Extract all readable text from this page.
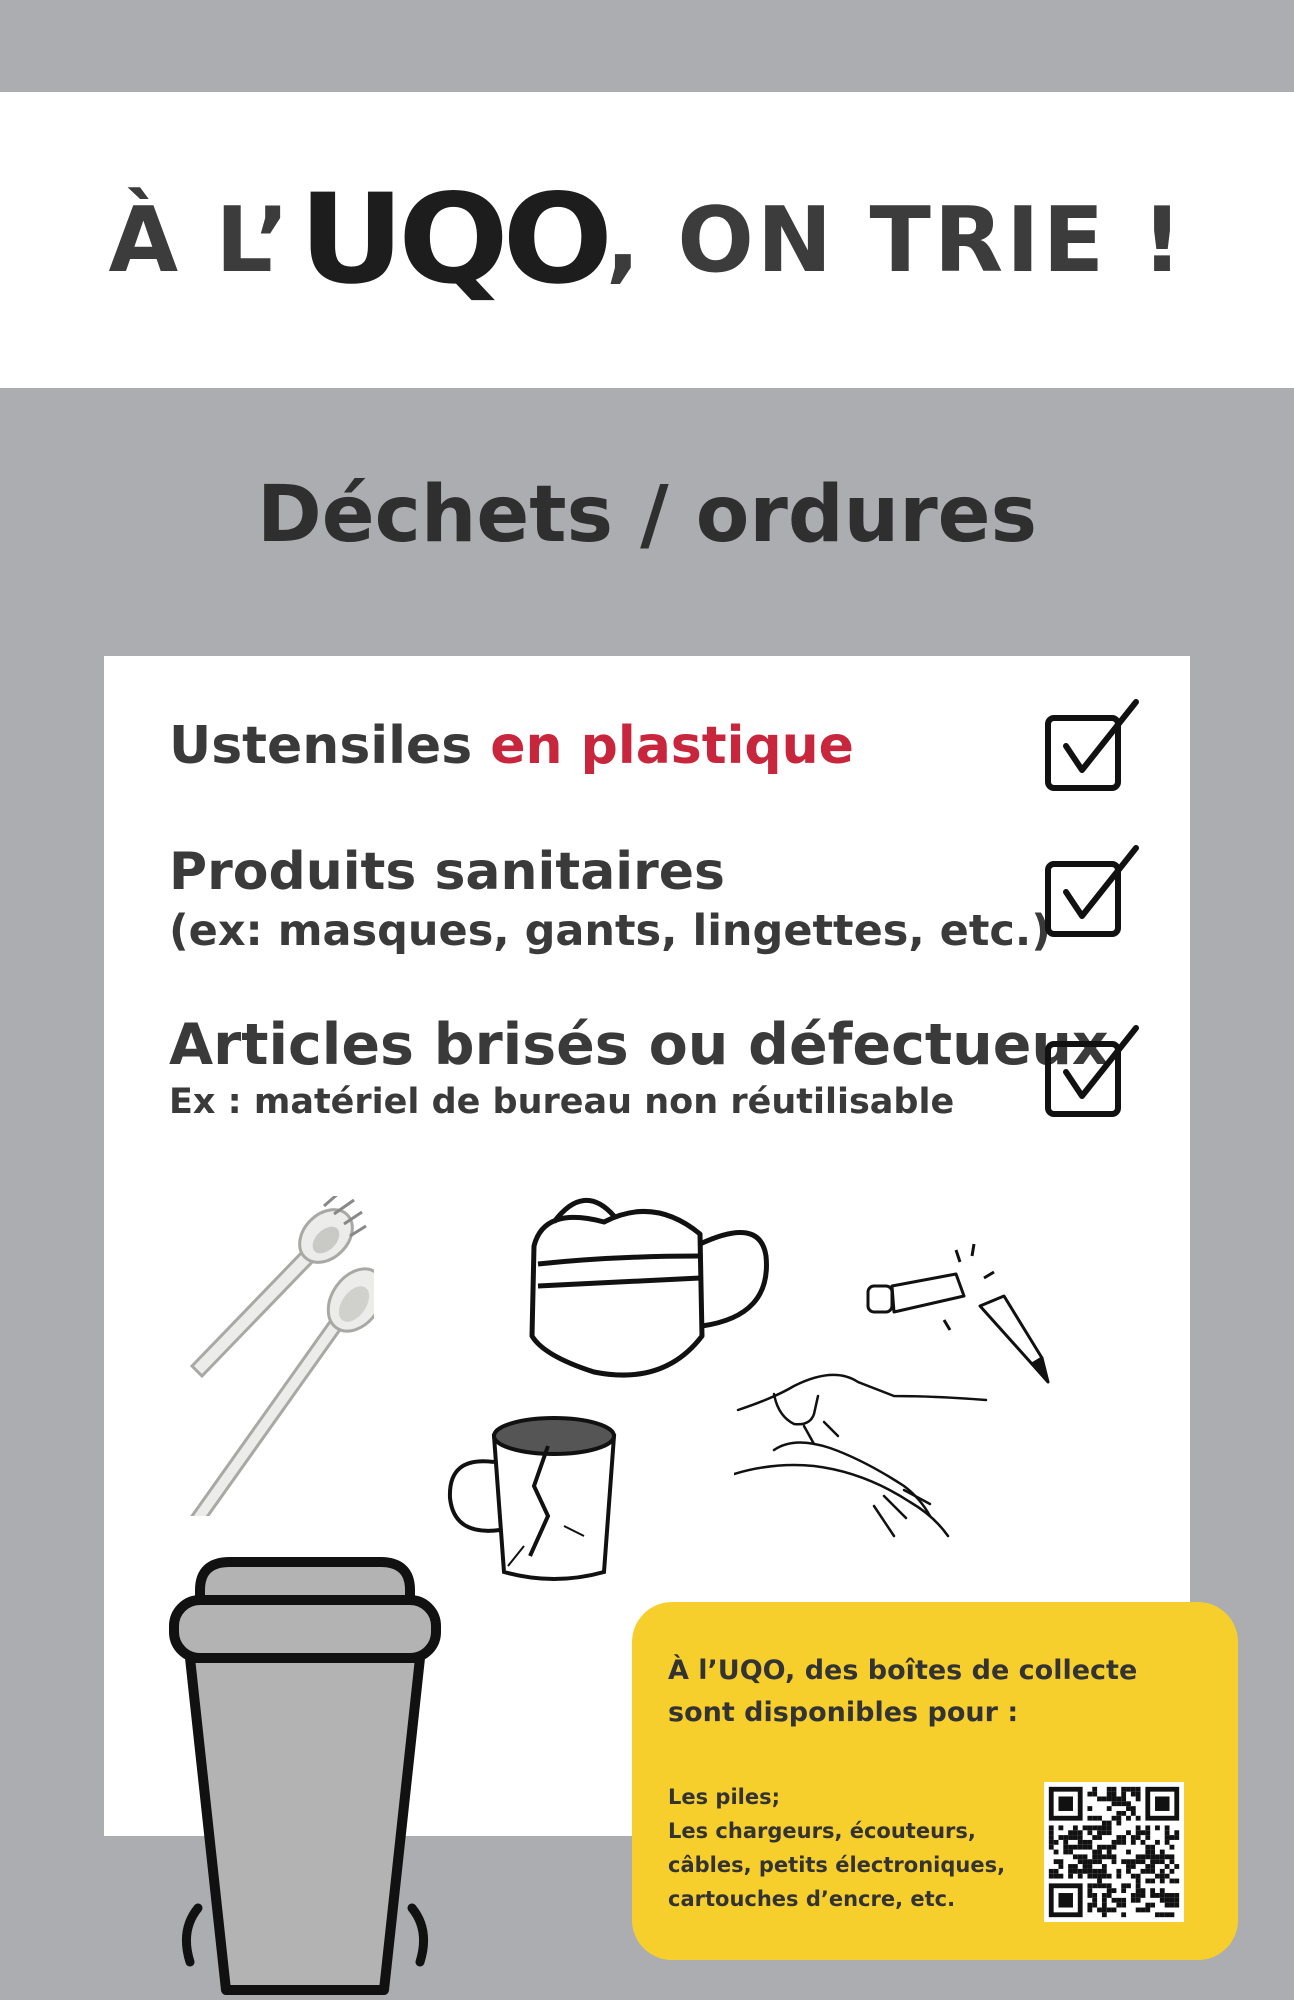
À L’ UQO
, ON TRIE !
Déchets / ordures
Ustensiles en plastique
Produits sanitaires
(ex: masques, gants, lingettes, etc.)
Articles brisés ou défectueux
Ex : matériel de bureau non réutilisable
À l’UQO, des boîtes de collecte
sont disponibles pour :
Les piles;
Les chargeurs, écouteurs,
câbles, petits électroniques,
cartouches d’encre, etc.
